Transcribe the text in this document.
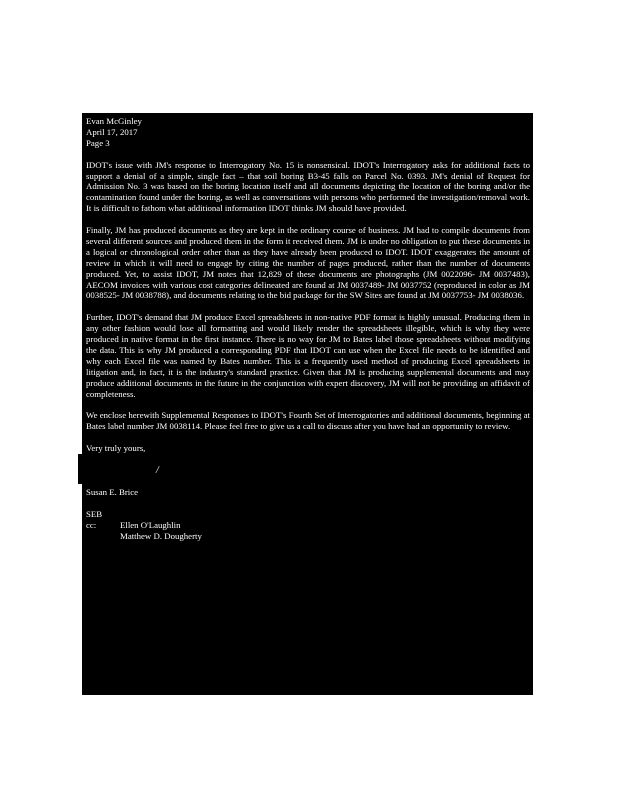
Evan McGinley
April 17, 2017
Page 3

IDOT's issue with JM's response to Interrogatory No. 15 is nonsensical. IDOT's Interrogatory asks for additional facts to support a denial of a simple, single fact – that soil boring B3-45 falls on Parcel No. 0393. JM's denial of Request for Admission No. 3 was based on the boring location itself and all documents depicting the location of the boring and/or the contamination found under the boring, as well as conversations with persons who performed the investigation/removal work. It is difficult to fathom what additional information IDOT thinks JM should have provided.

Finally, JM has produced documents as they are kept in the ordinary course of business. JM had to compile documents from several different sources and produced them in the form it received them. JM is under no obligation to put these documents in a logical or chronological order other than as they have already been produced to IDOT. IDOT exaggerates the amount of review in which it will need to engage by citing the number of pages produced, rather than the number of documents produced. Yet, to assist IDOT, JM notes that 12,829 of these documents are photographs (JM 0022096- JM 0037483), AECOM invoices with various cost categories delineated are found at JM 0037489- JM 0037752 (reproduced in color as JM 0038525- JM 0038788), and documents relating to the bid package for the SW Sites are found at JM 0037753- JM 0038036.

Further, IDOT's demand that JM produce Excel spreadsheets in non-native PDF format is highly unusual. Producing them in any other fashion would lose all formatting and would likely render the spreadsheets illegible, which is why they were produced in native format in the first instance. There is no way for JM to Bates label those spreadsheets without modifying the data. This is why JM produced a corresponding PDF that IDOT can use when the Excel file needs to be identified and why each Excel file was named by Bates number. This is a frequently used method of producing Excel spreadsheets in litigation and, in fact, it is the industry's standard practice. Given that JM is producing supplemental documents and may produce additional documents in the future in the conjunction with expert discovery, JM will not be providing an affidavit of completeness.

We enclose herewith Supplemental Responses to IDOT's Fourth Set of Interrogatories and additional documents, beginning at Bates label number JM 0038114. Please feel free to give us a call to discuss after you have had an opportunity to review.

Very truly yours,
/
Susan E. Brice
SEB
cc:	Ellen O'Laughlin
Matthew D. Dougherty
